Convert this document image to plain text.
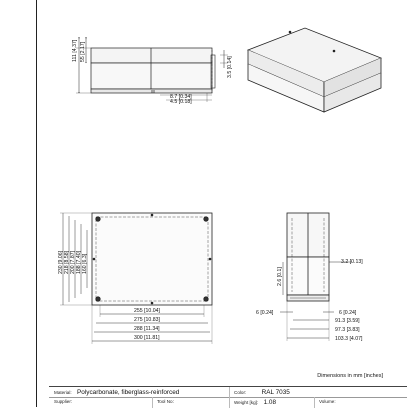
111 [4.37]
55 [2.17]
3.5 [0.14]
8.7 [0.34]
4.5 [0.18]
230 [9.06]
218 [8.58]
200 [7.87]
188 [7.40]
160 [6.3]
255 [10.04]
275 [10.83]
288 [11.34]
300 [11.81]
3.2 [0.13]
2.6 [0.1]
6 [0.24]	6 [0.24]
91.3 [3.59]
97.3 [3.83]
103.3 [4.07]
Dimensions in mm [inches]
Material: Polycarbonate, fiberglass-reinforced	Color: RAL 7035
Supplier:	Tool No:	Weight [kg]: 1.08	Volume:
